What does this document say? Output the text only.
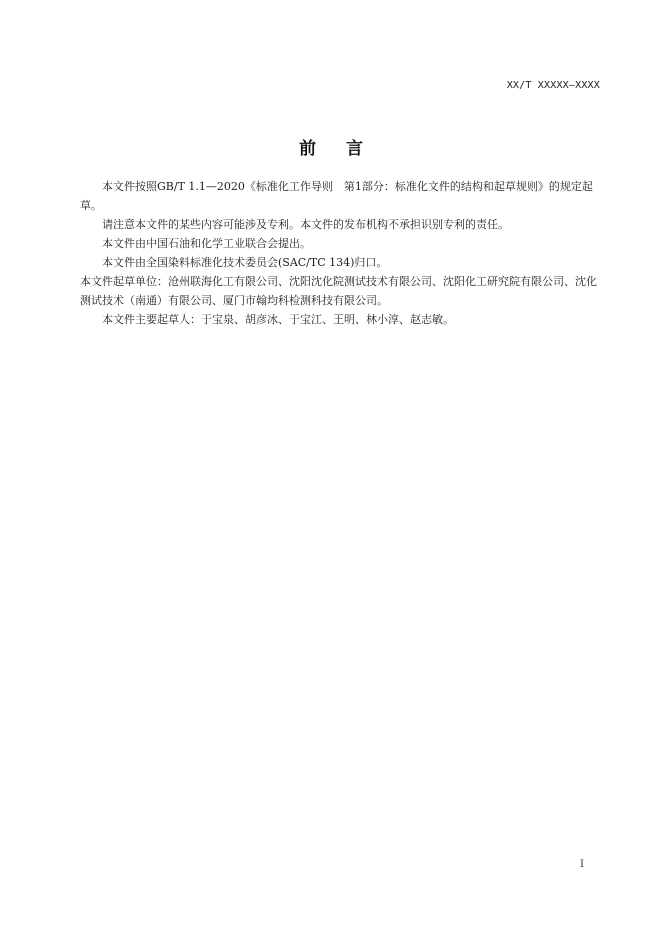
XX/T XXXXX—XXXX
前言

本文件按照GB/T 1.1—2020《标准化工作导则　第1部分：标准化文件的结构和起草规则》的规定起草。

请注意本文件的某些内容可能涉及专利。本文件的发布机构不承担识别专利的责任。

本文件由中国石油和化学工业联合会提出。

本文件由全国染料标准化技术委员会(SAC/TC 134)归口。

本文件起草单位：沧州联海化工有限公司、沈阳沈化院测试技术有限公司、沈阳化工研究院有限公司、沈化测试技术（南通）有限公司、厦门市翰均科检测科技有限公司。

本文件主要起草人：于宝泉、胡彦冰、于宝江、王明、林小淳、赵志敏。

I
